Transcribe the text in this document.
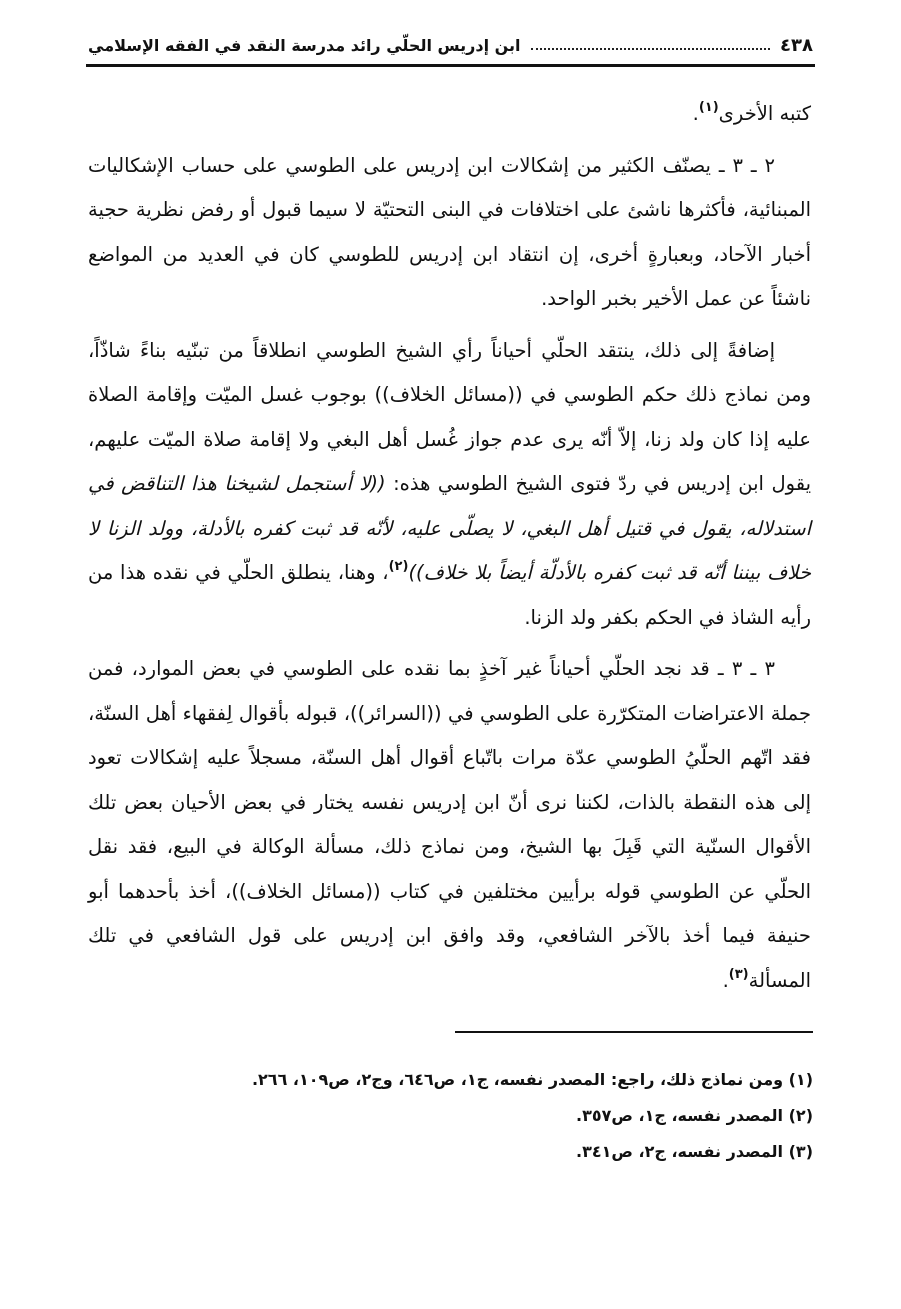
٤٣٨
ابن إدريس الحلّي رائد مدرسة النقد في الفقه الإسلامي

كتبه الأخرى$^{(١)}$.

٢ ـ ٣ ـ يصنّف الكثير من إشكالات ابن إدريس على الطوسي على حساب الإشكاليات المبنائية، فأكثرها ناشئ على اختلافات في البنى التحتيّة لا سيما قبول أو رفض نظرية حجية أخبار الآحاد، وبعبارةٍ أخرى، إن انتقاد ابن إدريس للطوسي كان في العديد من المواضع ناشئاً عن عمل الأخير بخبر الواحد.

إضافةً إلى ذلك، ينتقد الحلّي أحياناً رأي الشيخ الطوسي انطلاقاً من تبنّيه بناءً شاذّاً، ومن نماذج ذلك حكم الطوسي في ((مسائل الخلاف)) بوجوب غسل الميّت وإقامة الصلاة عليه إذا كان ولد زنا، إلاّ أنّه يرى عدم جواز غُسل أهل البغي ولا إقامة صلاة الميّت عليهم، يقول ابن إدريس في ردّ فتوى الشيخ الطوسي هذه: ((لا أستجمل لشيخنا هذا التناقض في استدلاله، يقول في قتيل أهل البغي، لا يصلّى عليه، لأنّه قد ثبت كفره بالأدلة، وولد الزنا لا خلاف بيننا أنّه قد ثبت كفره بالأدلّة أيضاً بلا خلاف))$^{(٢)}$، وهنا، ينطلق الحلّي في نقده هذا من رأيه الشاذ في الحكم بكفر ولد الزنا.

٣ ـ ٣ ـ قد نجد الحلّي أحياناً غير آخذٍ بما نقده على الطوسي في بعض الموارد، فمن جملة الاعتراضات المتكرّرة على الطوسي في ((السرائر))، قبوله بأقوال لِفقهاء أهل السنّة، فقد اتّهم الحلّيُ الطوسي عدّة مرات باتّباع أقوال أهل السنّة، مسجلاً عليه إشكالات تعود إلى هذه النقطة بالذات، لكننا نرى أنّ ابن إدريس نفسه يختار في بعض الأحيان بعض تلك الأقوال السنّية التي قَبِلَ بها الشيخ، ومن نماذج ذلك، مسألة الوكالة في البيع، فقد نقل الحلّي عن الطوسي قوله برأيين مختلفين في كتاب ((مسائل الخلاف))، أخذ بأحدهما أبو حنيفة فيما أخذ بالآخر الشافعي، وقد وافق ابن إدريس على قول الشافعي في تلك المسألة$^{(٣)}$.

(١) ومن نماذج ذلك، راجع: المصدر نفسه، ج١، ص٦٤٦، وج٢، ص١٠٩، ٢٦٦.
(٢) المصدر نفسه، ج١، ص٣٥٧.
(٣) المصدر نفسه، ج٢، ص٣٤١.
